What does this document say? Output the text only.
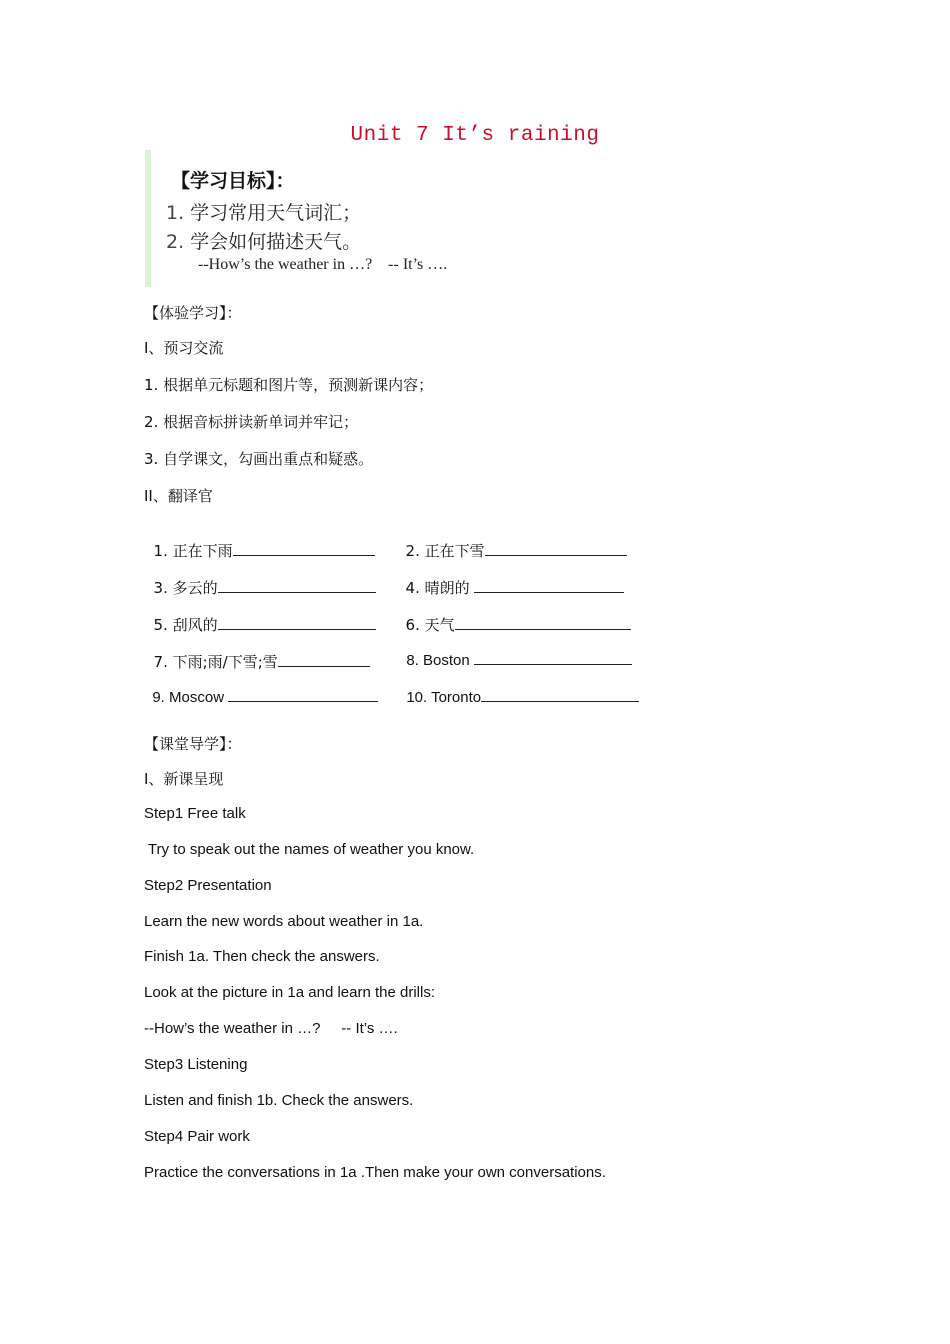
Unit 7 It’s raining
【学习目标】：
1. 学习常用天气词汇；
2. 学会如何描述天气。
--How’s the weather in …?    -- It’s ….
【体验学习】：
I、预习交流
1. 根据单元标题和图片等，预测新课内容；
2. 根据音标拼读新单词并牢记；
3. 自学课文，勾画出重点和疑惑。
II、翻译官

1. 正在下雨	2. 正在下雪

3. 多云的	4. 晴朗的

5. 刮风的	6. 天气

7. 下雨;雨/下雪;雪	8. Boston

9. Moscow	10. Toronto

【课堂导学】：
I、新课呈现
Step1 Free talk
Try to speak out the names of weather you know.
Step2 Presentation
Learn the new words about weather in 1a.
Finish 1a. Then check the answers.
Look at the picture in 1a and learn the drills:
--How’s the weather in …?     -- It’s ….
Step3 Listening
Listen and finish 1b. Check the answers.
Step4 Pair work
Practice the conversations in 1a .Then make your own conversations.
